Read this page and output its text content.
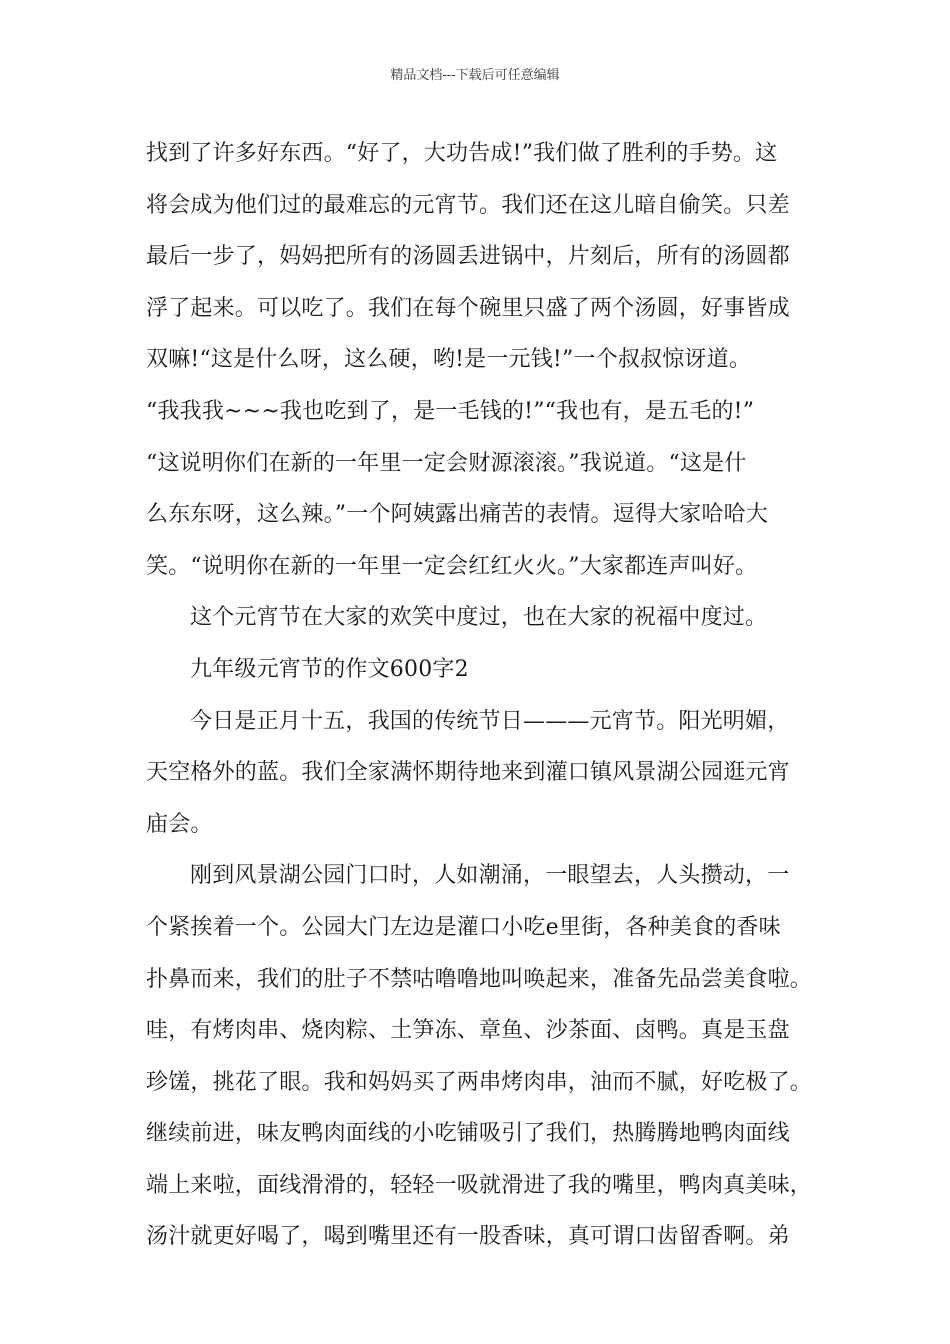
精品文档---下载后可任意编辑

找到了许多好东西。“好了，大功告成!”我们做了胜利的手势。这
将会成为他们过的最难忘的元宵节。我们还在这儿暗自偷笑。只差
最后一步了，妈妈把所有的汤圆丢进锅中，片刻后，所有的汤圆都
浮了起来。可以吃了。我们在每个碗里只盛了两个汤圆，好事皆成
双嘛!“这是什么呀，这么硬，哟!是一元钱!”一个叔叔惊讶道。
“我我我~~~我也吃到了，是一毛钱的!”“我也有，是五毛的!”
“这说明你们在新的一年里一定会财源滚滚。”我说道。“这是什
么东东呀，这么辣。”一个阿姨露出痛苦的表情。逗得大家哈哈大
笑。“说明你在新的一年里一定会红红火火。”大家都连声叫好。

这个元宵节在大家的欢笑中度过，也在大家的祝福中度过。

九年级元宵节的作文600字2

今日是正月十五，我国的传统节日———元宵节。阳光明媚，
天空格外的蓝。我们全家满怀期待地来到灌口镇风景湖公园逛元宵
庙会。

刚到风景湖公园门口时，人如潮涌，一眼望去，人头攒动，一
个紧挨着一个。公园大门左边是灌口小吃e里街，各种美食的香味
扑鼻而来，我们的肚子不禁咕噜噜地叫唤起来，准备先品尝美食啦。
哇，有烤肉串、烧肉粽、土笋冻、章鱼、沙茶面、卤鸭。真是玉盘
珍馐，挑花了眼。我和妈妈买了两串烤肉串，油而不腻，好吃极了。
继续前进，味友鸭肉面线的小吃铺吸引了我们，热腾腾地鸭肉面线
端上来啦，面线滑滑的，轻轻一吸就滑进了我的嘴里，鸭肉真美味，
汤汁就更好喝了，喝到嘴里还有一股香味，真可谓口齿留香啊。弟
